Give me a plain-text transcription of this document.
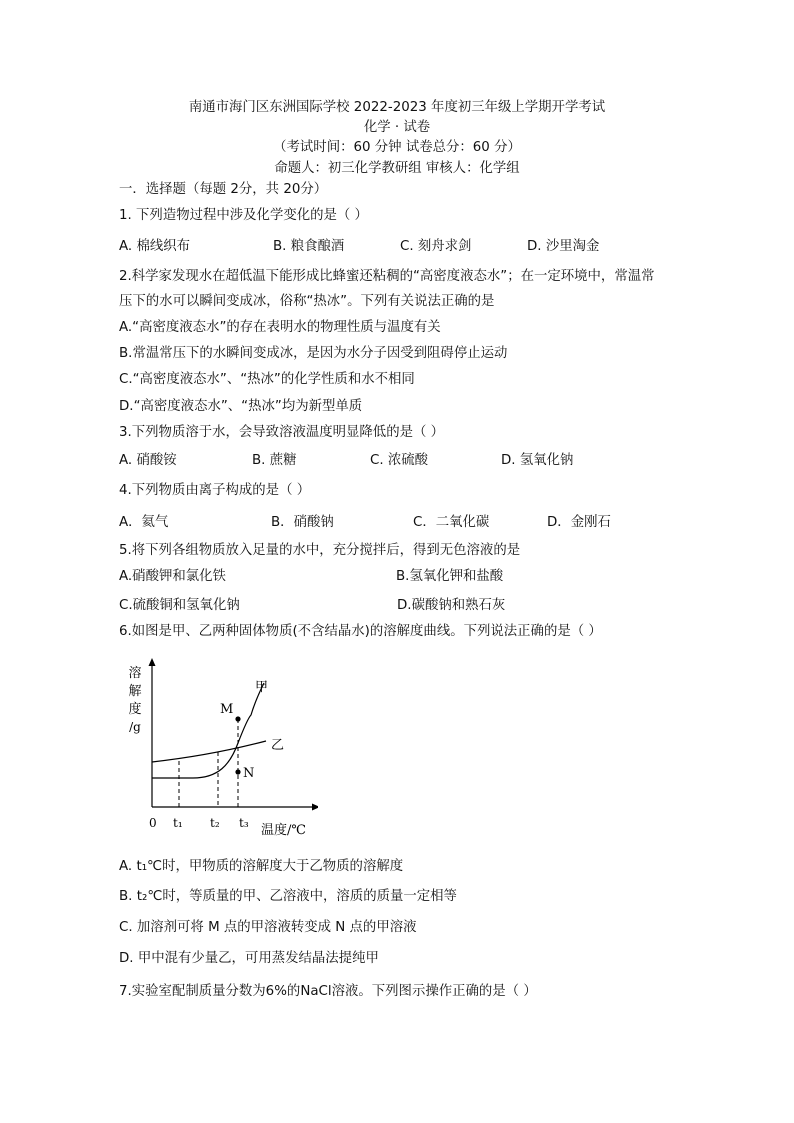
南通市海门区东洲国际学校 2022-2023 年度初三年级上学期开学考试
化学 · 试卷
（考试时间：60 分钟 试卷总分：60 分）
命题人：初三化学教研组 审核人：化学组
一．选择题（每题 2分，共 20分）
1. 下列造物过程中涉及化学变化的是（ ）
A. 棉线织布	B. 粮食酿酒	C. 刻舟求剑	D. 沙里淘金
2.科学家发现水在超低温下能形成比蜂蜜还粘稠的“高密度液态水”；在一定环境中，常温常
压下的水可以瞬间变成冰，俗称“热冰”。下列有关说法正确的是
A.“高密度液态水”的存在表明水的物理性质与温度有关
B.常温常压下的水瞬间变成冰，是因为水分子因受到阻碍停止运动
C.“高密度液态水”、“热冰”的化学性质和水不相同
D.“高密度液态水”、“热冰”均为新型单质
3.下列物质溶于水，会导致溶液温度明显降低的是（ ）
A. 硝酸铵	B. 蔗糖	C. 浓硫酸	D. 氢氧化钠
4.下列物质由离子构成的是（ ）
A．氦气	B．硝酸钠	C．二氧化碳	D．金刚石
5.将下列各组物质放入足量的水中，充分搅拌后，得到无色溶液的是
A.硝酸钾和氯化铁	B.氢氧化钾和盐酸
C.硫酸铜和氢氧化钠	D.碳酸钠和熟石灰
6.如图是甲、乙两种固体物质(不含结晶水)的溶解度曲线。下列说法正确的是（ ）
溶
解
度
/g
M
N
甲
乙
0 t₁ t₂ t₃ 温度/℃
A. t₁℃时，甲物质的溶解度大于乙物质的溶解度
B. t₂℃时，等质量的甲、乙溶液中，溶质的质量一定相等
C. 加溶剂可将 M 点的甲溶液转变成 N 点的甲溶液
D. 甲中混有少量乙，可用蒸发结晶法提纯甲
7.实验室配制质量分数为6%的NaCl溶液。下列图示操作正确的是（ ）
